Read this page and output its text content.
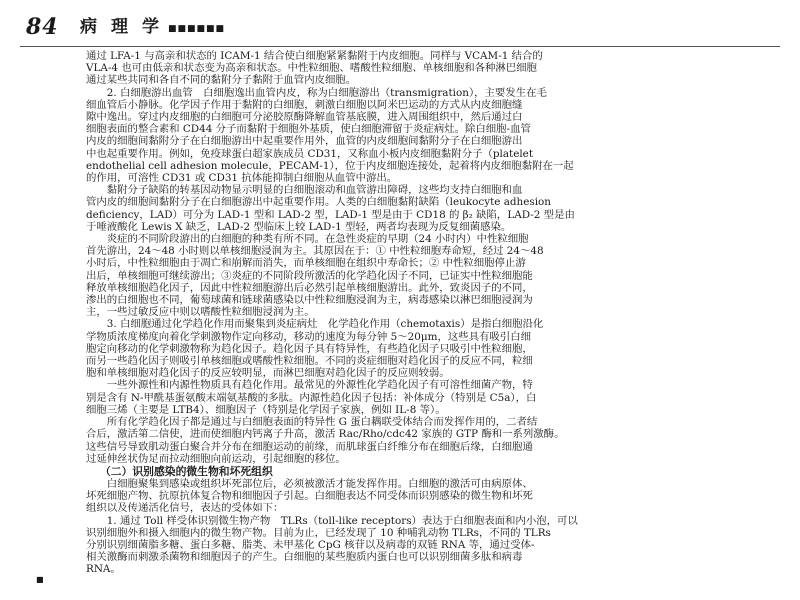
84 病理学
■■■■■■

通过 LFA-1 与高亲和状态的 ICAM-1 结合使白细胞紧紧黏附于内皮细胞。同样与 VCAM-1 结合的
VLA-4 也可由低亲和状态变为高亲和状态。中性粒细胞、嗜酸性粒细胞、单核细胞和各种淋巴细胞
通过某些共同和各自不同的黏附分子黏附于血管内皮细胞。

　　2. 白细胞游出血管　白细胞逸出血管内皮，称为白细胞游出（transmigration），主要发生在毛
细血管后小静脉。化学因子作用于黏附的白细胞，刺激白细胞以阿米巴运动的方式从内皮细胞缝
隙中逸出。穿过内皮细胞的白细胞可分泌胶原酶降解血管基底膜，进入周围组织中，然后通过白
细胞表面的整合素和 CD44 分子而黏附于细胞外基质，使白细胞滞留于炎症病灶。除白细胞-血管
内皮的细胞间黏附分子在白细胞游出中起重要作用外，血管的内皮细胞间黏附分子在白细胞游出
中也起重要作用。例如，免疫球蛋白超家族成员 CD31，又称血小板内皮细胞黏附分子（platelet
endothelial cell adhesion molecule，PECAM-1），位于内皮细胞连接处，起着将内皮细胞黏附在一起
的作用，可溶性 CD31 或 CD31 抗体能抑制白细胞从血管中游出。

　　黏附分子缺陷的转基因动物显示明显的白细胞滚动和血管游出障碍，这些均支持白细胞和血
管内皮的细胞间黏附分子在白细胞游出中起重要作用。人类的白细胞黏附缺陷（leukocyte adhesion
deficiency，LAD）可分为 LAD-1 型和 LAD-2 型，LAD-1 型是由于 CD18 的 β₂ 缺陷，LAD-2 型是由
于唾液酸化 Lewis X 缺乏，LAD-2 型临床上较 LAD-1 型轻，两者均表现为反复细菌感染。

　　炎症的不同阶段游出的白细胞的种类有所不同。在急性炎症的早期（24 小时内）中性粒细胞
首先游出，24～48 小时则以单核细胞浸润为主。其原因在于：① 中性粒细胞寿命短，经过 24～48
小时后，中性粒细胞由于凋亡和崩解而消失，而单核细胞在组织中寿命长；② 中性粒细胞停止游
出后，单核细胞可继续游出；③炎症的不同阶段所激活的化学趋化因子不同，已证实中性粒细胞能
释放单核细胞趋化因子，因此中性粒细胞游出后必然引起单核细胞游出。此外，致炎因子的不同，
渗出的白细胞也不同，葡萄球菌和链球菌感染以中性粒细胞浸润为主，病毒感染以淋巴细胞浸润为
主，一些过敏反应中则以嗜酸性粒细胞浸润为主。

　　3. 白细胞通过化学趋化作用而聚集到炎症病灶　化学趋化作用（chemotaxis）是指白细胞沿化
学物质浓度梯度向着化学刺激物作定向移动，移动的速度为每分钟 5～20μm，这些具有吸引白细
胞定向移动的化学刺激物称为趋化因子。趋化因子具有特异性，有些趋化因子只吸引中性粒细胞，
而另一些趋化因子则吸引单核细胞或嗜酸性粒细胞。不同的炎症细胞对趋化因子的反应不同，粒细
胞和单核细胞对趋化因子的反应较明显，而淋巴细胞对趋化因子的反应则较弱。

　　一些外源性和内源性物质具有趋化作用。最常见的外源性化学趋化因子有可溶性细菌产物，特
别是含有 N-甲酰基蛋氨酸末端氨基酸的多肽。内源性趋化因子包括：补体成分（特别是 C5a），白
细胞三烯（主要是 LTB4）、细胞因子（特别是化学因子家族，例如 IL-8 等）。

　　所有化学趋化因子都是通过与白细胞表面的特异性 G 蛋白耦联受体结合而发挥作用的，二者结
合后，激活第二信使，进而使细胞内钙离子升高，激活 Rac/Rho/cdc42 家族的 GTP 酶和一系列激酶。
这些信号导致肌动蛋白聚合并分布在细胞运动的前缘，而肌球蛋白纤维分布在细胞后缘，白细胞通
过延伸丝状伪足而拉动细胞向前运动，引起细胞的移位。

（二）识别感染的微生物和坏死组织

　　白细胞聚集到感染或组织坏死部位后，必须被激活才能发挥作用。白细胞的激活可由病原体、
坏死细胞产物、抗原抗体复合物和细胞因子引起。白细胞表达不同受体而识别感染的微生物和坏死
组织以及传递活化信号，表达的受体如下：

　　1. 通过 Toll 样受体识别微生物产物　TLRs（toll-like receptors）表达于白细胞表面和内小泡，可以
识别细胞外和摄入细胞内的微生物产物。目前为止，已经发现了 10 种哺乳动物 TLRs，不同的 TLRs
分别识别细菌脂多糖、蛋白多糖、脂类、未甲基化 CpG 核苷以及病毒的双链 RNA 等，通过受体-
相关激酶而刺激杀菌物和细胞因子的产生。白细胞的某些胞质内蛋白也可以识别细菌多肽和病毒
RNA。

■
